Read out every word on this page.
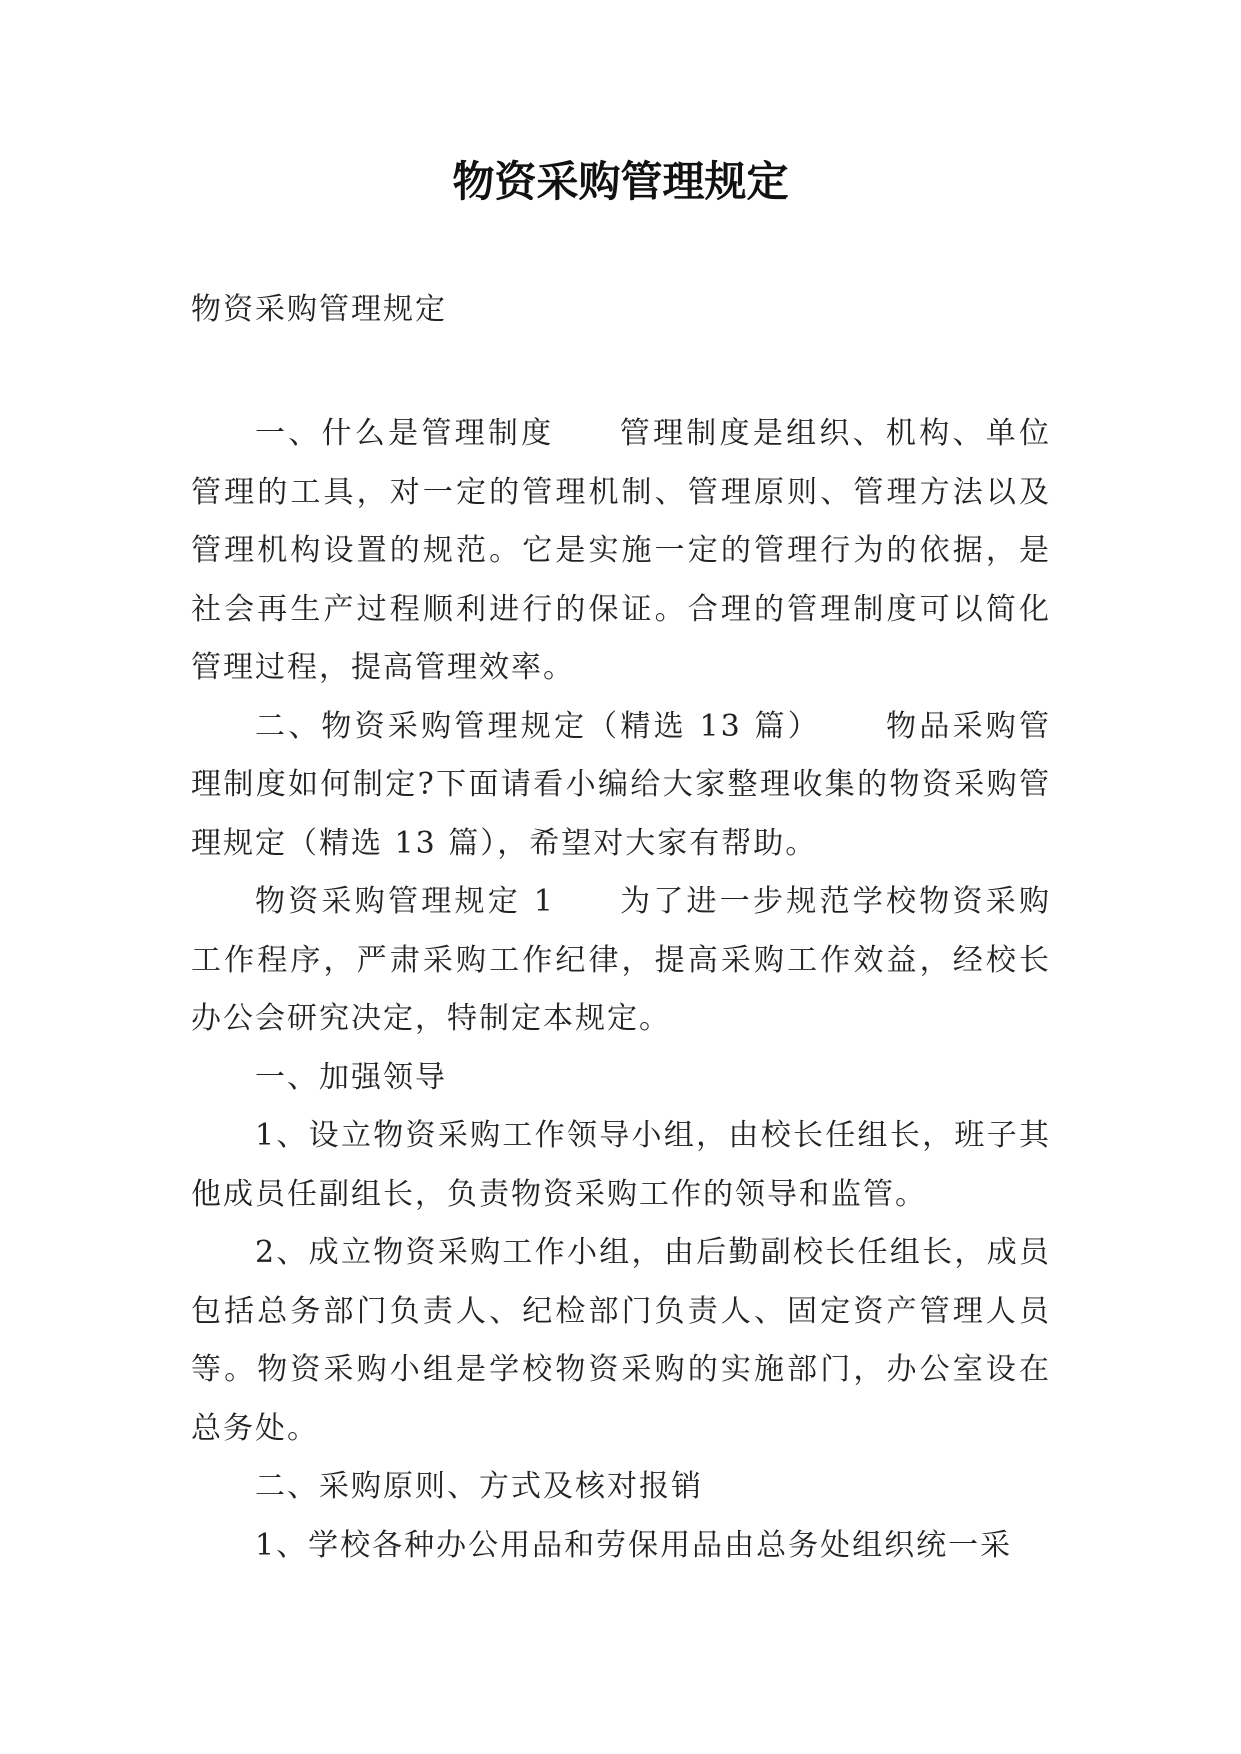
物资采购管理规定

物资采购管理规定

一、什么是管理制度 管理制度是组织、机构、单位管理的工具，对一定的管理机制、管理原则、管理方法以及管理机构设置的规范。它是实施一定的管理行为的依据，是社会再生产过程顺利进行的保证。合理的管理制度可以简化管理过程，提高管理效率。

二、物资采购管理规定（精选 13 篇） 物品采购管理制度如何制定?下面请看小编给大家整理收集的物资采购管理规定（精选 13 篇），希望对大家有帮助。

物资采购管理规定 1 为了进一步规范学校物资采购工作程序，严肃采购工作纪律，提高采购工作效益，经校长办公会研究决定，特制定本规定。

一、加强领导

1、设立物资采购工作领导小组，由校长任组长，班子其他成员任副组长，负责物资采购工作的领导和监管。

2、成立物资采购工作小组，由后勤副校长任组长，成员包括总务部门负责人、纪检部门负责人、固定资产管理人员等。物资采购小组是学校物资采购的实施部门，办公室设在总务处。

二、采购原则、方式及核对报销

1、学校各种办公用品和劳保用品由总务处组织统一采
